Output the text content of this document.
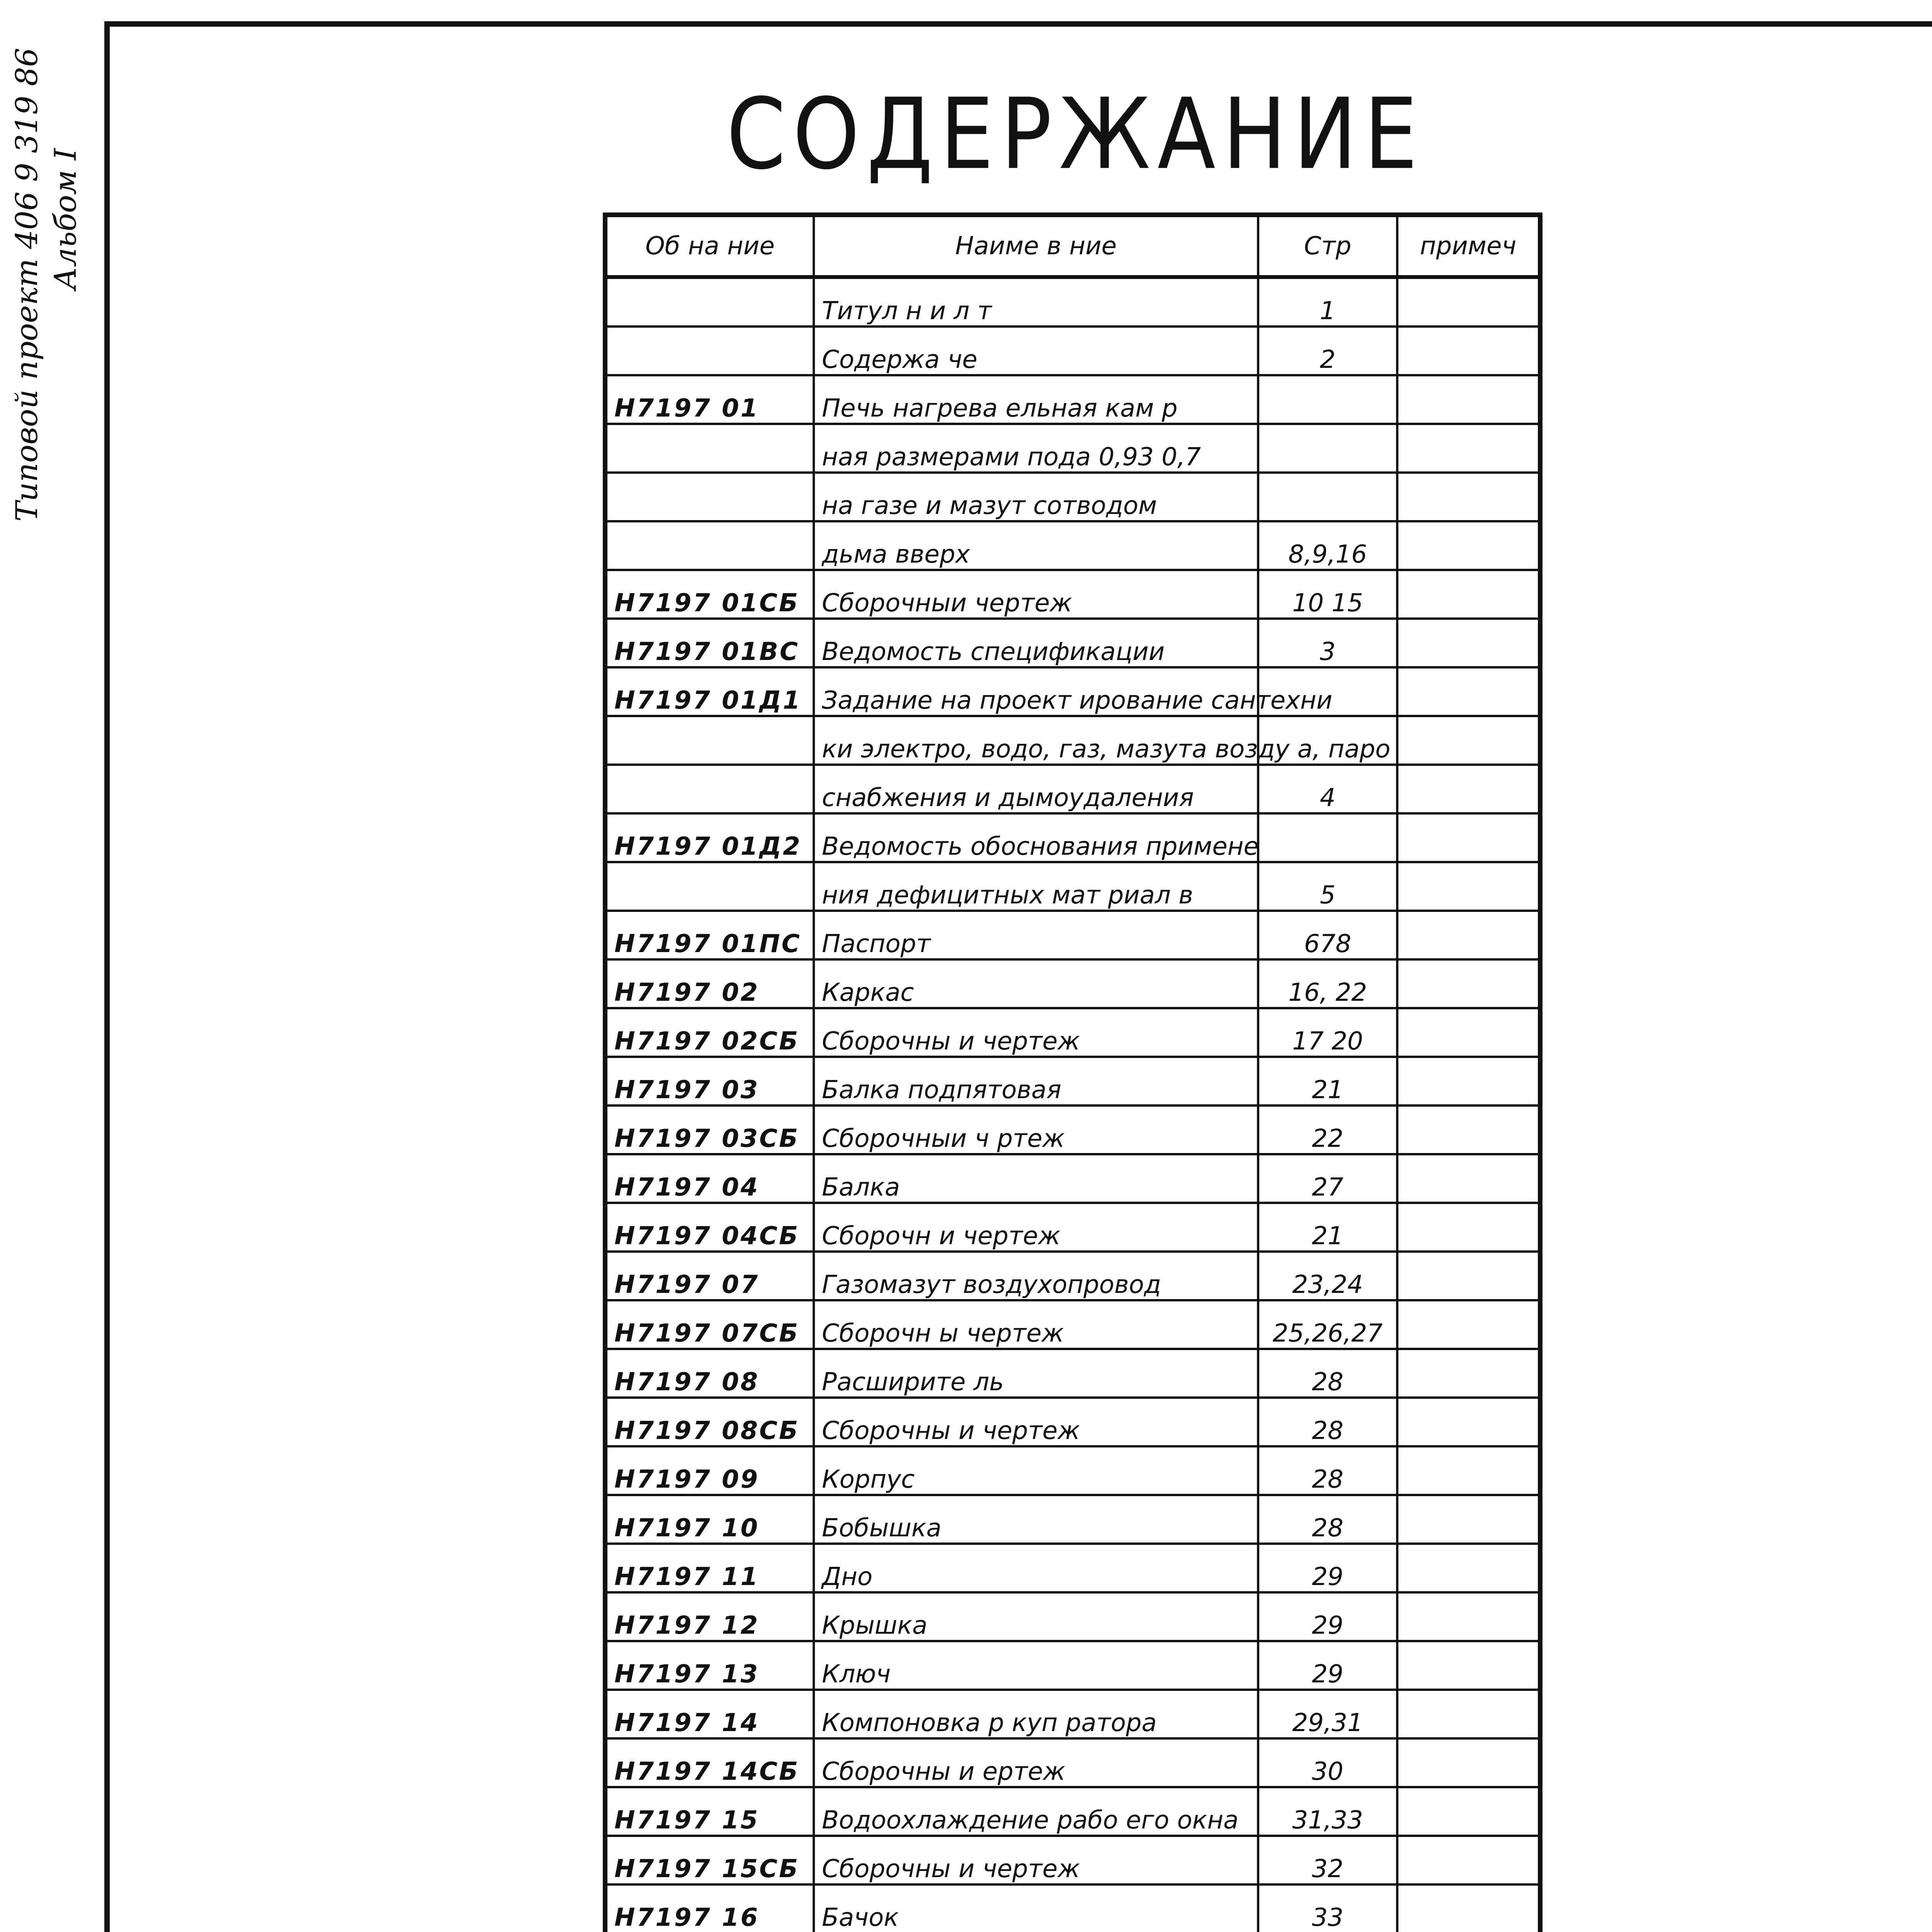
Типовой проект 406 9 319 86 Альбом I
СОДЕРЖАНИЕ
Об на ние	Наиме в ние	Стр	примеч
	Титул н и л т	1	
	Содержа че	2	
Н7197 01	Печь нагрева ельная кам р		
	ная размерами пода 0,93 0,7		
	на газе и мазут сотводом		
	дьма вверх	8,9,16	
Н7197 01СБ	Сборочныи чертеж	10 15	
Н7197 01ВС	Ведомость спецификации	3	
Н7197 01Д1	Задание на проект ирование сантехни		
	ки электро, водо, газ, мазута возду а, паро		
	снабжения и дымоудаления	4	
Н7197 01Д2	Ведомость обоснования примене		
	ния дефицитных мат риал в	5	
Н7197 01ПС	Паспорт	678	
Н7197 02	Каркас	16, 22	
Н7197 02СБ	Сборочны и чертеж	17 20	
Н7197 03	Балка подпятовая	21	
Н7197 03СБ	Сборочныи ч ртеж	22	
Н7197 04	Балка	27	
Н7197 04СБ	Сборочн и чертеж	21	
Н7197 07	Газомазут воздухопровод	23,24	
Н7197 07СБ	Сборочн ы чертеж	25,26,27	
Н7197 08	Расширите ль	28	
Н7197 08СБ	Сборочны и чертеж	28	
Н7197 09	Корпус	28	
Н7197 10	Бобышка	28	
Н7197 11	Дно	29	
Н7197 12	Крышка	29	
Н7197 13	Ключ	29	
Н7197 14	Компоновка р куп ратора	29,31	
Н7197 14СБ	Сборочны и ертеж	30	
Н7197 15	Водоохлаждение рабо его окна	31,33	
Н7197 15СБ	Сборочны и чертеж	32	
Н7197 16	Бачок	33	
